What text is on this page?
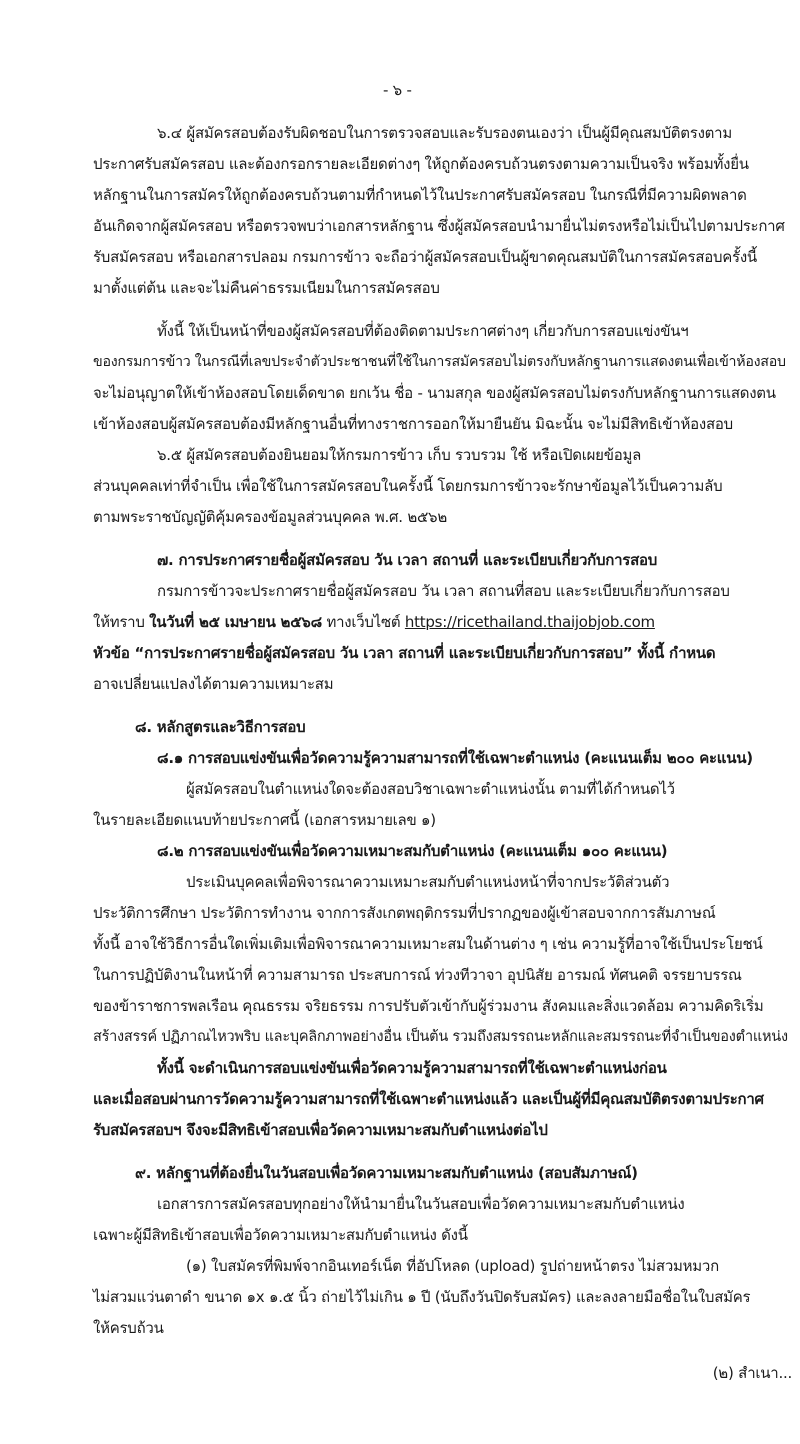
- ๖ -
๖.๔ ผู้สมัครสอบต้องรับผิดชอบในการตรวจสอบและรับรองตนเองว่า เป็นผู้มีคุณสมบัติตรงตาม
ประกาศรับสมัครสอบ และต้องกรอกรายละเอียดต่างๆ ให้ถูกต้องครบถ้วนตรงตามความเป็นจริง พร้อมทั้งยื่น
หลักฐานในการสมัครให้ถูกต้องครบถ้วนตามที่กำหนดไว้ในประกาศรับสมัครสอบ ในกรณีที่มีความผิดพลาด
อันเกิดจากผู้สมัครสอบ หรือตรวจพบว่าเอกสารหลักฐาน ซึ่งผู้สมัครสอบนำมายื่นไม่ตรงหรือไม่เป็นไปตามประกาศ
รับสมัครสอบ หรือเอกสารปลอม กรมการข้าว จะถือว่าผู้สมัครสอบเป็นผู้ขาดคุณสมบัติในการสมัครสอบครั้งนี้
มาตั้งแต่ต้น และจะไม่คืนค่าธรรมเนียมในการสมัครสอบ
ทั้งนี้ ให้เป็นหน้าที่ของผู้สมัครสอบที่ต้องติดตามประกาศต่างๆ เกี่ยวกับการสอบแข่งขันฯ
ของกรมการข้าว ในกรณีที่เลขประจำตัวประชาชนที่ใช้ในการสมัครสอบไม่ตรงกับหลักฐานการแสดงตนเพื่อเข้าห้องสอบ
จะไม่อนุญาตให้เข้าห้องสอบโดยเด็ดขาด ยกเว้น ชื่อ - นามสกุล ของผู้สมัครสอบไม่ตรงกับหลักฐานการแสดงตน
เข้าห้องสอบผู้สมัครสอบต้องมีหลักฐานอื่นที่ทางราชการออกให้มายืนยัน มิฉะนั้น จะไม่มีสิทธิเข้าห้องสอบ
๖.๕ ผู้สมัครสอบต้องยินยอมให้กรมการข้าว เก็บ รวบรวม ใช้ หรือเปิดเผยข้อมูล
ส่วนบุคคลเท่าที่จำเป็น เพื่อใช้ในการสมัครสอบในครั้งนี้ โดยกรมการข้าวจะรักษาข้อมูลไว้เป็นความลับ
ตามพระราชบัญญัติคุ้มครองข้อมูลส่วนบุคคล พ.ศ. ๒๕๖๒
๗. การประกาศรายชื่อผู้สมัครสอบ วัน เวลา สถานที่ และระเบียบเกี่ยวกับการสอบ
กรมการข้าวจะประกาศรายชื่อผู้สมัครสอบ วัน เวลา สถานที่สอบ และระเบียบเกี่ยวกับการสอบ
ให้ทราบ ในวันที่ ๒๕ เมษายน ๒๕๖๘ ทางเว็บไซต์ https://ricethailand.thaijobjob.com
หัวข้อ “การประกาศรายชื่อผู้สมัครสอบ วัน เวลา สถานที่ และระเบียบเกี่ยวกับการสอบ” ทั้งนี้ กำหนด
อาจเปลี่ยนแปลงได้ตามความเหมาะสม
๘. หลักสูตรและวิธีการสอบ
๘.๑ การสอบแข่งขันเพื่อวัดความรู้ความสามารถที่ใช้เฉพาะตำแหน่ง (คะแนนเต็ม ๒๐๐ คะแนน)
ผู้สมัครสอบในตำแหน่งใดจะต้องสอบวิชาเฉพาะตำแหน่งนั้น ตามที่ได้กำหนดไว้
ในรายละเอียดแนบท้ายประกาศนี้ (เอกสารหมายเลข ๑)
๘.๒ การสอบแข่งขันเพื่อวัดความเหมาะสมกับตำแหน่ง (คะแนนเต็ม ๑๐๐ คะแนน)
ประเมินบุคคลเพื่อพิจารณาความเหมาะสมกับตำแหน่งหน้าที่จากประวัติส่วนตัว
ประวัติการศึกษา ประวัติการทำงาน จากการสังเกตพฤติกรรมที่ปรากฏของผู้เข้าสอบจากการสัมภาษณ์
ทั้งนี้ อาจใช้วิธีการอื่นใดเพิ่มเติมเพื่อพิจารณาความเหมาะสมในด้านต่าง ๆ เช่น ความรู้ที่อาจใช้เป็นประโยชน์
ในการปฏิบัติงานในหน้าที่ ความสามารถ ประสบการณ์ ท่วงทีวาจา อุปนิสัย อารมณ์ ทัศนคติ จรรยาบรรณ
ของข้าราชการพลเรือน คุณธรรม จริยธรรม การปรับตัวเข้ากับผู้ร่วมงาน สังคมและสิ่งแวดล้อม ความคิดริเริ่ม
สร้างสรรค์ ปฏิภาณไหวพริบ และบุคลิกภาพอย่างอื่น เป็นต้น รวมถึงสมรรถนะหลักและสมรรถนะที่จำเป็นของตำแหน่ง
ทั้งนี้ จะดำเนินการสอบแข่งขันเพื่อวัดความรู้ความสามารถที่ใช้เฉพาะตำแหน่งก่อน
และเมื่อสอบผ่านการวัดความรู้ความสามารถที่ใช้เฉพาะตำแหน่งแล้ว และเป็นผู้ที่มีคุณสมบัติตรงตามประกาศ
รับสมัครสอบฯ จึงจะมีสิทธิเข้าสอบเพื่อวัดความเหมาะสมกับตำแหน่งต่อไป
๙. หลักฐานที่ต้องยื่นในวันสอบเพื่อวัดความเหมาะสมกับตำแหน่ง (สอบสัมภาษณ์)
เอกสารการสมัครสอบทุกอย่างให้นำมายื่นในวันสอบเพื่อวัดความเหมาะสมกับตำแหน่ง
เฉพาะผู้มีสิทธิเข้าสอบเพื่อวัดความเหมาะสมกับตำแหน่ง ดังนี้
(๑) ใบสมัครที่พิมพ์จากอินเทอร์เน็ต ที่อัปโหลด (upload) รูปถ่ายหน้าตรง ไม่สวมหมวก
ไม่สวมแว่นตาดำ ขนาด ๑x ๑.๕ นิ้ว ถ่ายไว้ไม่เกิน ๑ ปี (นับถึงวันปิดรับสมัคร) และลงลายมือชื่อในใบสมัคร
ให้ครบถ้วน
(๒) สำเนา...
